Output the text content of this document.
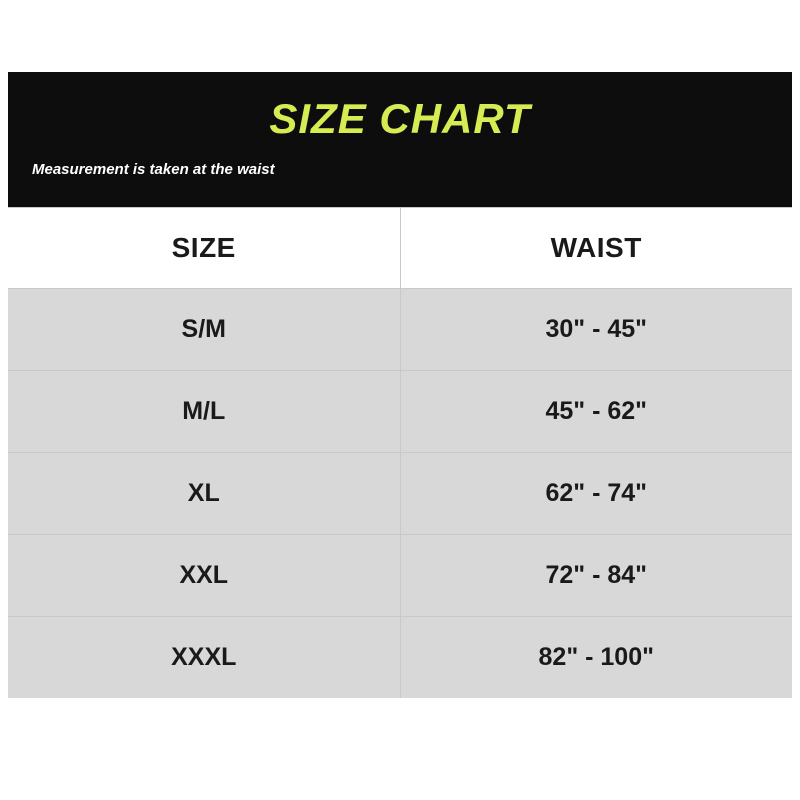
SIZE CHART
Measurement is taken at the waist
SIZE	WAIST
S/M	30" - 45"
M/L	45" - 62"
XL	62" - 74"
XXL	72" - 84"
XXXL	82" - 100"
